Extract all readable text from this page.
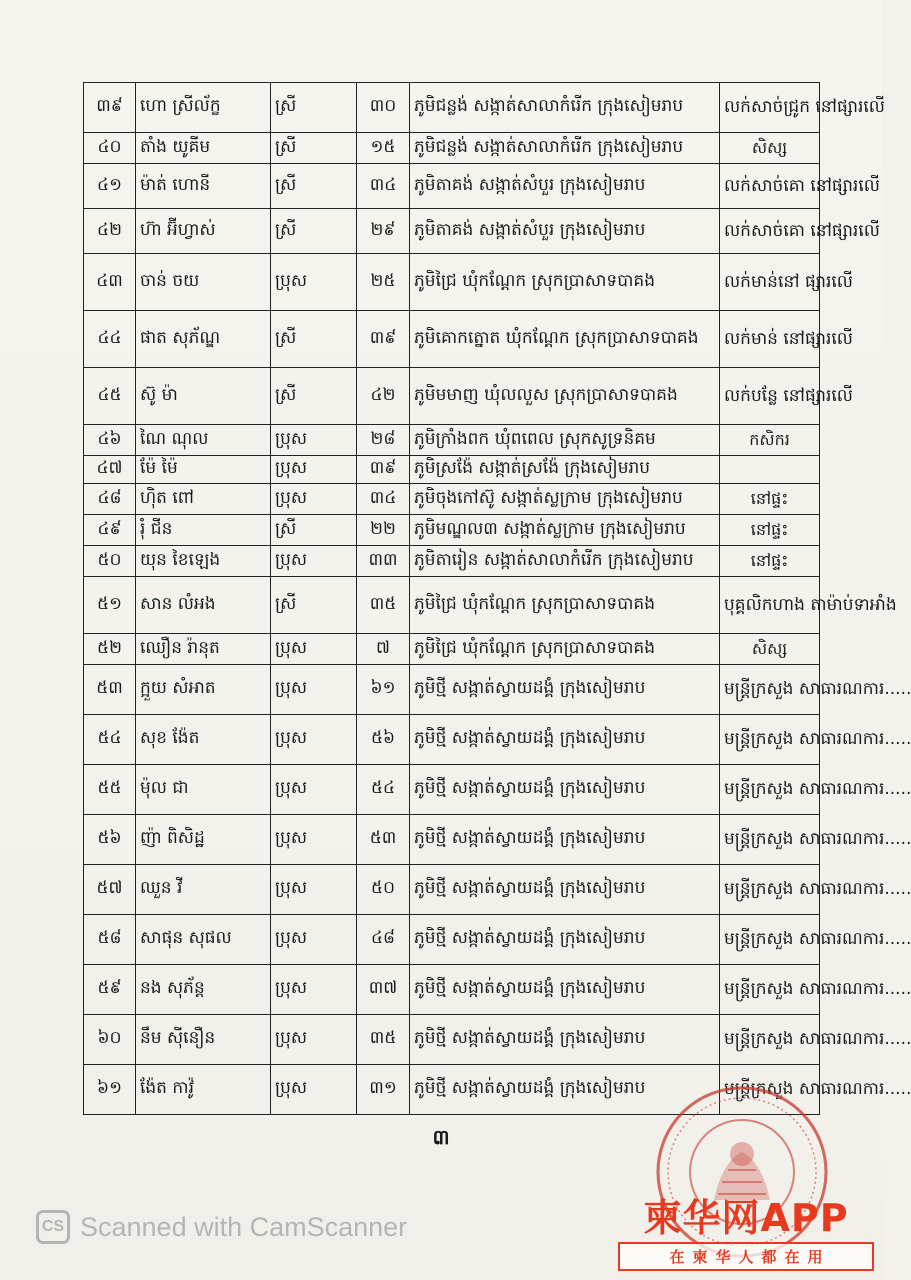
៣៩	ហោ ស្រីល័ក្ខ	ស្រី	៣០	ភូមិជន្លង់ សង្កាត់សាលាកំរើក ក្រុងសៀមរាប	លក់សាច់ជ្រូក នៅផ្សារលើ
៤០	តាំង យូគីម	ស្រី	១៥	ភូមិជន្លង់ សង្កាត់សាលាកំរើក ក្រុងសៀមរាប	សិស្ស
៤១	ម៉ាត់ ហោនី	ស្រី	៣៤	ភូមិតាគង់ សង្កាត់សំបួរ ក្រុងសៀមរាប	លក់សាច់គោ នៅផ្សារលើ
៤២	ហ៊ា អ៊ីហ្វាស់	ស្រី	២៩	ភូមិតាគង់ សង្កាត់សំបួរ ក្រុងសៀមរាប	លក់សាច់គោ នៅផ្សារលើ
៤៣	ចាន់ ចយ	ប្រុស	២៥	ភូមិជ្រៃ ឃុំកណ្ដែក ស្រុកប្រាសាទបាគង	លក់មាន់នៅ ផ្សារលើ
៤៤	ផាត សុភ័ណ្ឌ	ស្រី	៣៩	ភូមិគោកត្នោត ឃុំកណ្ដែក ស្រុកប្រាសាទបាគង	លក់មាន់ នៅផ្សារលើ
៤៥	ស៊ូ ម៉ា	ស្រី	៤២	ភូមិមមាញ ឃុំលលួស ស្រុកប្រាសាទបាគង	លក់បន្លែ នៅផ្សារលើ
៤៦	ណៃ ណុល	ប្រុស	២៨	ភូមិក្រាំងពក ឃុំពពេល ស្រុកសូទ្រនិគម	កសិករ
៤៧	ម៉ែ ម៉ៃ	ប្រុស	៣៩	ភូមិស្រង៉ែ សង្កាត់ស្រង៉ែ ក្រុងសៀមរាប	
៤៨	ហ៊ិត ពៅ	ប្រុស	៣៤	ភូមិចុងកៅស៊ូ សង្កាត់ស្លក្រាម ក្រុងសៀមរាប	នៅផ្ទះ
៤៩	រុំ ជីន	ស្រី	២២	ភូមិមណ្ឌល៣ សង្កាត់ស្លក្រាម ក្រុងសៀមរាប	នៅផ្ទះ
៥០	យុន ខៃឡេង	ប្រុស	៣៣	ភូមិតារៀន សង្កាត់សាលាកំរើក ក្រុងសៀមរាប	នៅផ្ទះ
៥១	សាន លំអង	ស្រី	៣៥	ភូមិជ្រៃ ឃុំកណ្ដែក ស្រុកប្រាសាទបាគង	បុគ្គលិកហាង តាម៉ាប់ទាអាំង
៥២	ឈឿន រ៉ានុត	ប្រុស	៧	ភូមិជ្រៃ ឃុំកណ្ដែក ស្រុកប្រាសាទបាគង	សិស្ស
៥៣	ក្អួយ សំអាត	ប្រុស	៦១	ភូមិថ្មី សង្កាត់ស្វាយដង្គំ ក្រុងសៀមរាប	មន្ត្រីក្រសួង សាធារណការ.....
៥៤	សុខ ង៉ែត	ប្រុស	៥៦	ភូមិថ្មី សង្កាត់ស្វាយដង្គំ ក្រុងសៀមរាប	មន្ត្រីក្រសួង សាធារណការ.....
៥៥	ម៉ុល ជា	ប្រុស	៥៤	ភូមិថ្មី សង្កាត់ស្វាយដង្គំ ក្រុងសៀមរាប	មន្ត្រីក្រសួង សាធារណការ.....
៥៦	ញ៉ា ពិសិដ្ឋ	ប្រុស	៥៣	ភូមិថ្មី សង្កាត់ស្វាយដង្គំ ក្រុងសៀមរាប	មន្ត្រីក្រសួង សាធារណការ.....
៥៧	ឈួន វី	ប្រុស	៥០	ភូមិថ្មី សង្កាត់ស្វាយដង្គំ ក្រុងសៀមរាប	មន្ត្រីក្រសួង សាធារណការ.....
៥៨	សាផុន សុផល	ប្រុស	៤៨	ភូមិថ្មី សង្កាត់ស្វាយដង្គំ ក្រុងសៀមរាប	មន្ត្រីក្រសួង សាធារណការ.....
៥៩	នង សុភ័ន្ត	ប្រុស	៣៧	ភូមិថ្មី សង្កាត់ស្វាយដង្គំ ក្រុងសៀមរាប	មន្ត្រីក្រសួង សាធារណការ.....
៦០	នឹម ស៊ីនឿន	ប្រុស	៣៥	ភូមិថ្មី សង្កាត់ស្វាយដង្គំ ក្រុងសៀមរាប	មន្ត្រីក្រសួង សាធារណការ.....
៦១	ង៉ែត កាវ៉ូ	ប្រុស	៣១	ភូមិថ្មី សង្កាត់ស្វាយដង្គំ ក្រុងសៀមរាប	មន្ត្រីក្រសួង សាធារណការ.....
៣
CS Scanned with CamScanner	柬华网APP
在柬华人都在用
